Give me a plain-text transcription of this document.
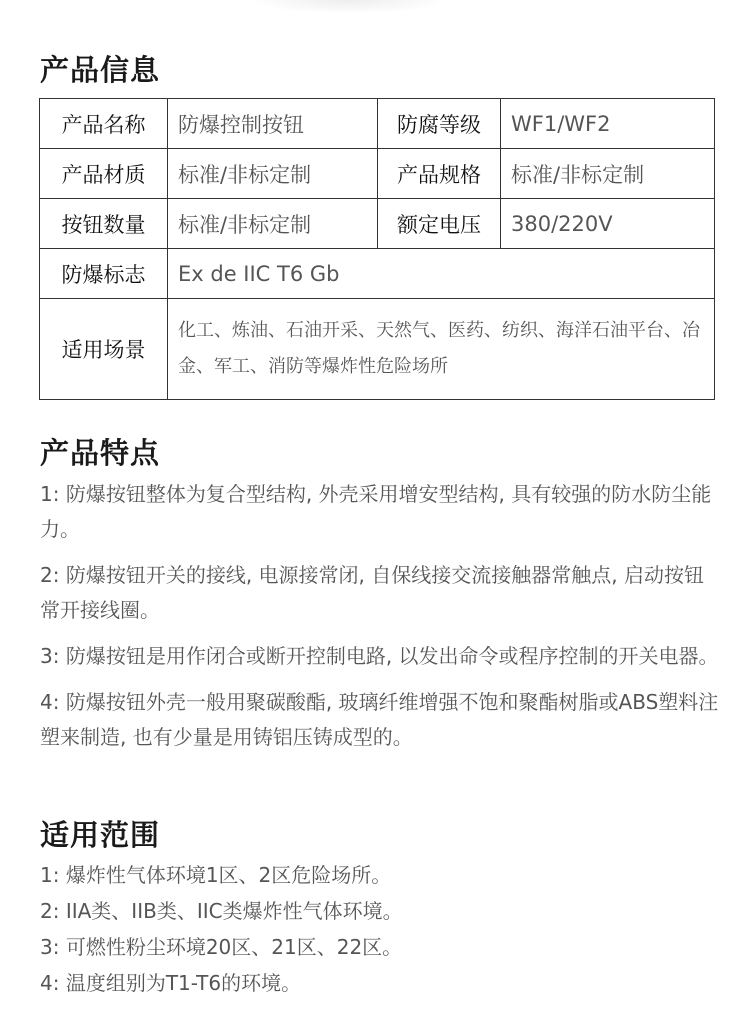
产品信息
产品名称	防爆控制按钮	防腐等级	WF1/WF2
产品材质	标准/非标定制	产品规格	标准/非标定制
按钮数量	标准/非标定制	额定电压	380/220V
防爆标志	Ex de IIC T6 Gb		
适用场景	化工、炼油、石油开采、天然气、医药、纺织、海洋石油平台、冶金、军工、消防等爆炸性危险场所		
产品特点

1: 防爆按钮整体为复合型结构, 外壳采用增安型结构, 具有较强的防水防尘能力。

2: 防爆按钮开关的接线, 电源接常闭, 自保线接交流接触器常触点, 启动按钮常开接线圈。

3: 防爆按钮是用作闭合或断开控制电路, 以发出命令或程序控制的开关电器。

4: 防爆按钮外壳一般用聚碳酸酯, 玻璃纤维增强不饱和聚酯树脂或ABS塑料注塑来制造, 也有少量是用铸铝压铸成型的。

适用范围

1: 爆炸性气体环境1区、2区危险场所。

2: IIA类、IIB类、IIC类爆炸性气体环境。

3: 可燃性粉尘环境20区、21区、22区。

4: 温度组别为T1-T6的环境。
